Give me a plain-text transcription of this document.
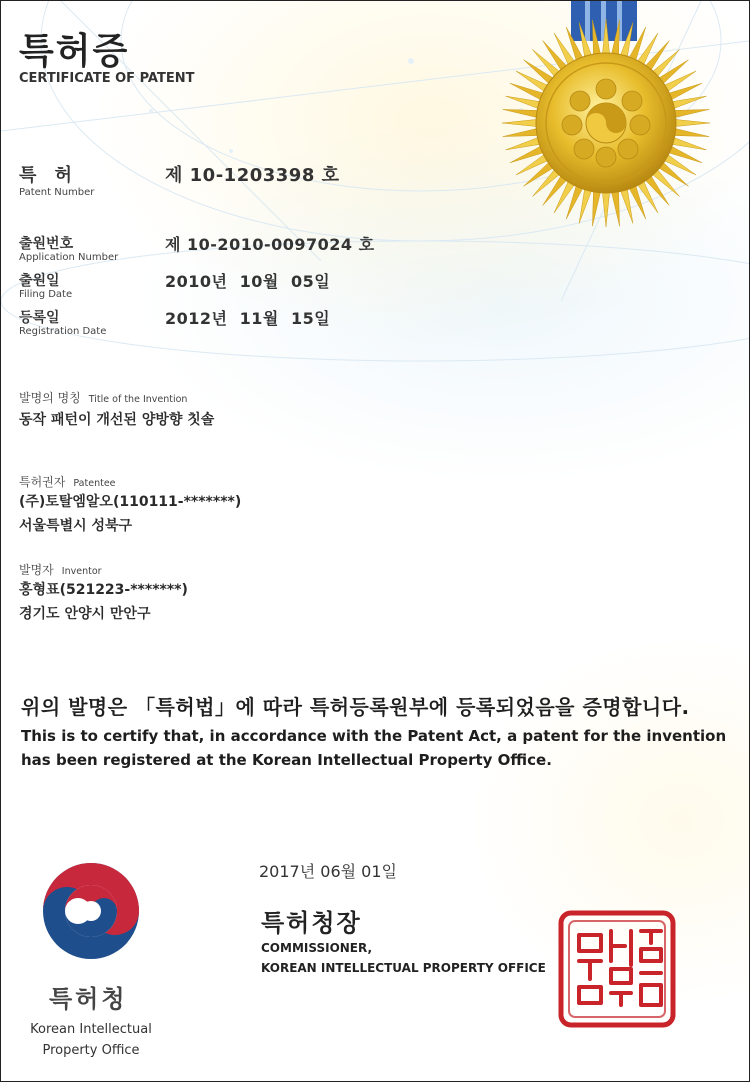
특허증
CERTIFICATE OF PATENT
특 허
Patent Number
제 10-1203398 호
출원번호
Application Number
제 10-2010-0097024 호
출원일
Filing Date
2010년  10월  05일
등록일
Registration Date
2012년  11월  15일
발명의 명칭 Title of the Invention
동작 패턴이 개선된 양방향 칫솔
특허권자 Patentee
(주)토탈엠알오(110111-*******)
서울특별시 성북구
발명자 Inventor
홍형표(521223-*******)
경기도 안양시 만안구
위의 발명은 「특허법」에 따라 특허등록원부에 등록되었음을 증명합니다.
This is to certify that, in accordance with the Patent Act, a patent for the invention
has been registered at the Korean Intellectual Property Office.
2017년 06월 01일
특허청장
COMMISSIONER,
KOREAN INTELLECTUAL PROPERTY OFFICE
특허청
Korean Intellectual
Property Office
